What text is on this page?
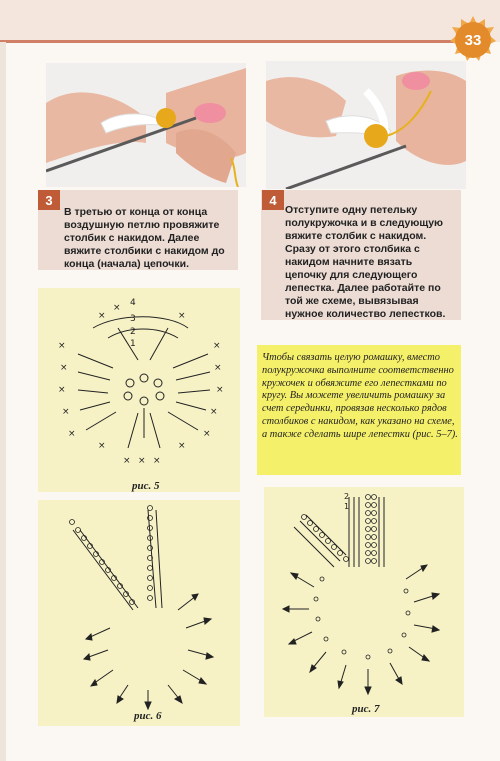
33
3
В третью от конца от конца воздушную петлю провяжите столбик с накидом. Далее вяжите столбики с накидом до конца (начала) цепочки.
4
Отступите одну петельку полукружочка и в следующую вяжите столбик с накидом. Сразу от этого столбика с накидом начните вязать цепочку для следующего лепестка. Далее работайте по той же схеме, вывязывая нужное количество лепестков.
Чтобы связать целую ромашку, вместо полукружочка выполните соответственно кружочек и обвяжите его лепестками по кругу. Вы можете увеличить ромашку за счет серединки, провязав несколько рядов столбиков с накидом, как указано на схеме, а также сделать шире лепестки (рис. 5–7).
×
×
×
×
×
×
×
×
×
×
×
×
× × ×
×
×
×
4
3
2
1
рис. 5
рис. 6
2
1
рис. 7
